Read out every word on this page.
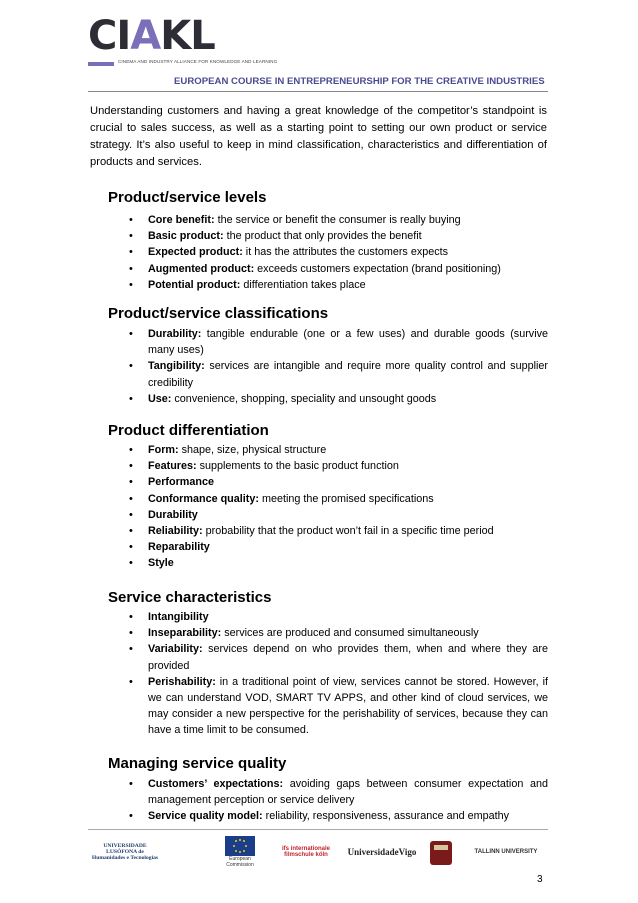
CIAKL
CINEMA AND INDUSTRY ALLIANCE FOR KNOWLEDGE AND LEARNING
EUROPEAN COURSE IN ENTREPRENEURSHIP FOR THE CREATIVE INDUSTRIES

Understanding customers and having a great knowledge of the competitor’s standpoint is crucial to sales success, as well as a starting point to setting our own product or service strategy. It’s also useful to keep in mind classification, characteristics and differentiation of products and services.

Product/service levels
• Core benefit: the service or benefit the consumer is really buying
• Basic product: the product that only provides the benefit
• Expected product: it has the attributes the customers expects
• Augmented product: exceeds customers expectation (brand positioning)
• Potential product: differentiation takes place
Product/service classifications
• Durability: tangible endurable (one or a few uses) and durable goods (survive many uses)
• Tangibility: services are intangible and require more quality control and supplier credibility
• Use: convenience, shopping, speciality and unsought goods
Product differentiation
• Form: shape, size, physical structure
• Features: supplements to the basic product function
• Performance
• Conformance quality: meeting the promised specifications
• Durability
• Reliability: probability that the product won’t fail in a specific time period
• Reparability
• Style
Service characteristics
• Intangibility
• Inseparability: services are produced and consumed simultaneously
• Variability: services depend on who provides them, when and where they are provided
• Perishability: in a traditional point of view, services cannot be stored. However, if we can understand VOD, SMART TV APPS, and other kind of cloud services, we may consider a new perspective for the perishability of services, because they can have a time limit to be consumed.
Managing service quality
• Customers’ expectations: avoiding gaps between consumer expectation and management perception or service delivery
• Service quality model: reliability, responsiveness, assurance and empathy
UNIVERSIDADE LUSÓFONA de Humanidades e Tecnologias	European Commission
ifs internationale filmschule köln	UniversidadeVigo	TALLINN UNIVERSITY
3
